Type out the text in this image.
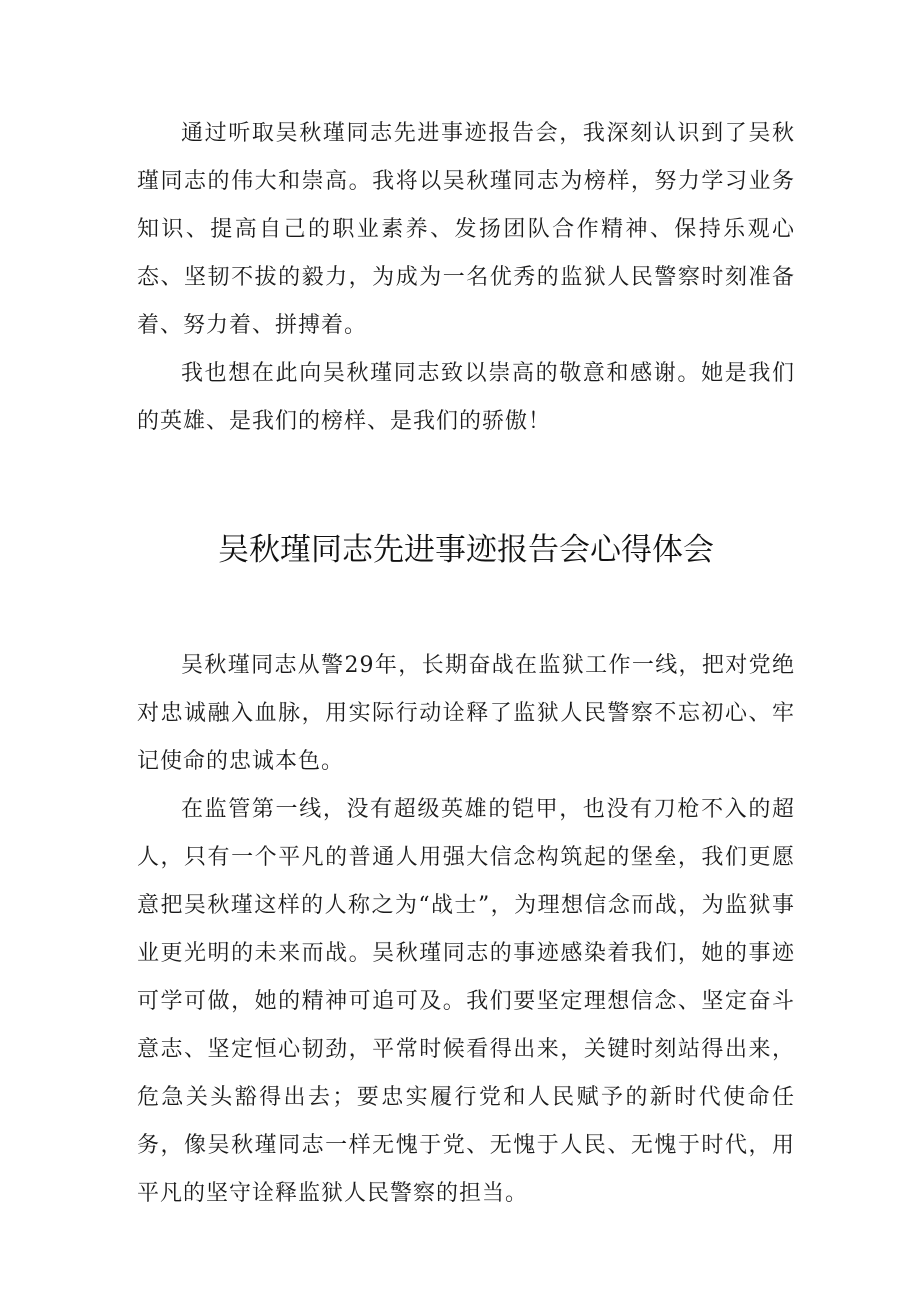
通过听取吴秋瑾同志先进事迹报告会，我深刻认识到了吴秋瑾同志的伟大和崇高。我将以吴秋瑾同志为榜样，努力学习业务知识、提高自己的职业素养、发扬团队合作精神、保持乐观心态、坚韧不拔的毅力，为成为一名优秀的监狱人民警察时刻准备着、努力着、拼搏着。

我也想在此向吴秋瑾同志致以崇高的敬意和感谢。她是我们的英雄、是我们的榜样、是我们的骄傲！

吴秋瑾同志先进事迹报告会心得体会

吴秋瑾同志从警29年，长期奋战在监狱工作一线，把对党绝对忠诚融入血脉，用实际行动诠释了监狱人民警察不忘初心、牢记使命的忠诚本色。

在监管第一线，没有超级英雄的铠甲，也没有刀枪不入的超人，只有一个平凡的普通人用强大信念构筑起的堡垒，我们更愿意把吴秋瑾这样的人称之为“战士”，为理想信念而战，为监狱事业更光明的未来而战。吴秋瑾同志的事迹感染着我们，她的事迹可学可做，她的精神可追可及。我们要坚定理想信念、坚定奋斗意志、坚定恒心韧劲，平常时候看得出来，关键时刻站得出来，危急关头豁得出去；要忠实履行党和人民赋予的新时代使命任务，像吴秋瑾同志一样无愧于党、无愧于人民、无愧于时代，用平凡的坚守诠释监狱人民警察的担当。
